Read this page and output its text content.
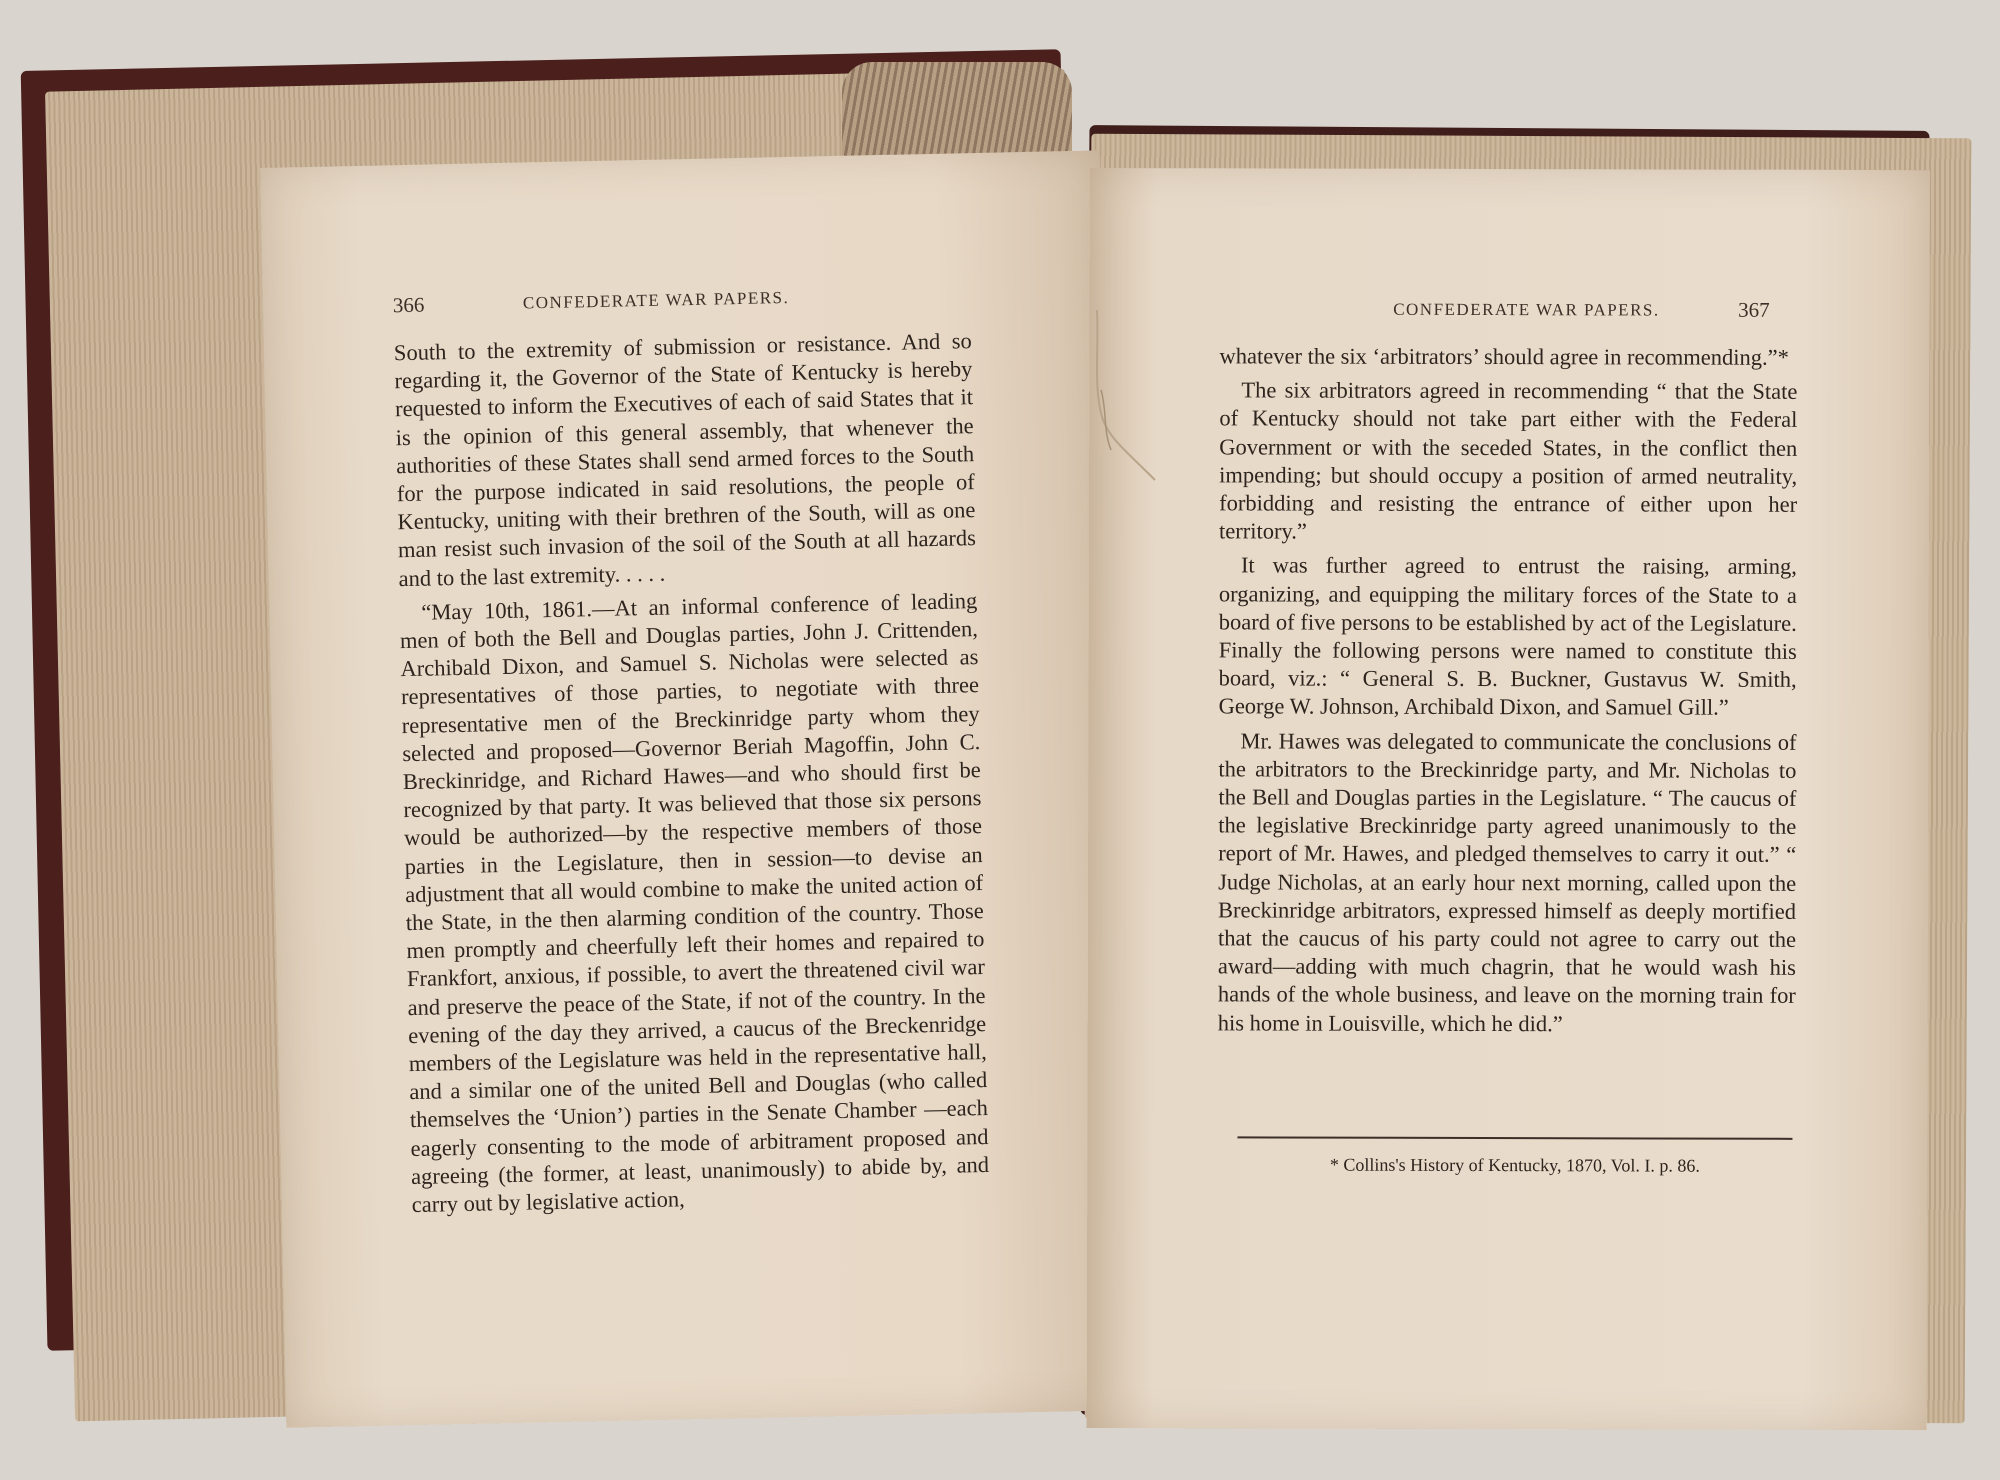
366	CONFEDERATE WAR PAPERS.

South to the extremity of submission or resistance. And so regarding it, the Governor of the State of Kentucky is hereby requested to inform the Executives of each of said States that it is the opinion of this general assembly, that whenever the authorities of these States shall send armed forces to the South for the purpose indicated in said resolutions, the people of Kentucky, uniting with their brethren of the South, will as one man resist such invasion of the soil of the South at all hazards and to the last extremity. . . . .

“May 10th, 1861.—At an informal conference of leading men of both the Bell and Douglas parties, John J. Crittenden, Archibald Dixon, and Samuel S. Nicholas were selected as representatives of those parties, to negotiate with three representative men of the Breckinridge party whom they selected and proposed—Governor Beriah Magoffin, John C. Breckinridge, and Richard Hawes—and who should first be recognized by that party. It was believed that those six persons would be authorized—by the respective members of those parties in the Legislature, then in session—to devise an adjustment that all would combine to make the united action of the State, in the then alarming condition of the country. Those men promptly and cheerfully left their homes and repaired to Frankfort, anxious, if possible, to avert the threatened civil war and preserve the peace of the State, if not of the country. In the evening of the day they arrived, a caucus of the Breckenridge members of the Legislature was held in the representative hall, and a similar one of the united Bell and Douglas (who called themselves the ‘Union’) parties in the Senate Chamber —each eagerly consenting to the mode of arbitrament proposed and agreeing (the former, at least, unanimously) to abide by, and carry out by legislative action,

CONFEDERATE WAR PAPERS.	367

whatever the six ‘arbitrators’ should agree in recommending.”*

The six arbitrators agreed in recommending “ that the State of Kentucky should not take part either with the Federal Government or with the seceded States, in the conflict then impending; but should occupy a position of armed neutrality, forbidding and resisting the entrance of either upon her territory.”

It was further agreed to entrust the raising, arming, organizing, and equipping the military forces of the State to a board of five persons to be established by act of the Legislature. Finally the following persons were named to constitute this board, viz.: “ General S. B. Buckner, Gustavus W. Smith, George W. Johnson, Archibald Dixon, and Samuel Gill.”

Mr. Hawes was delegated to communicate the conclusions of the arbitrators to the Breckinridge party, and Mr. Nicholas to the Bell and Douglas parties in the Legislature. “ The caucus of the legislative Breckinridge party agreed unanimously to the report of Mr. Hawes, and pledged themselves to carry it out.” “ Judge Nicholas, at an early hour next morning, called upon the Breckinridge arbitrators, expressed himself as deeply mortified that the caucus of his party could not agree to carry out the award—adding with much chagrin, that he would wash his hands of the whole business, and leave on the morning train for his home in Louisville, which he did.”

* Collins's History of Kentucky, 1870, Vol. I. p. 86.
